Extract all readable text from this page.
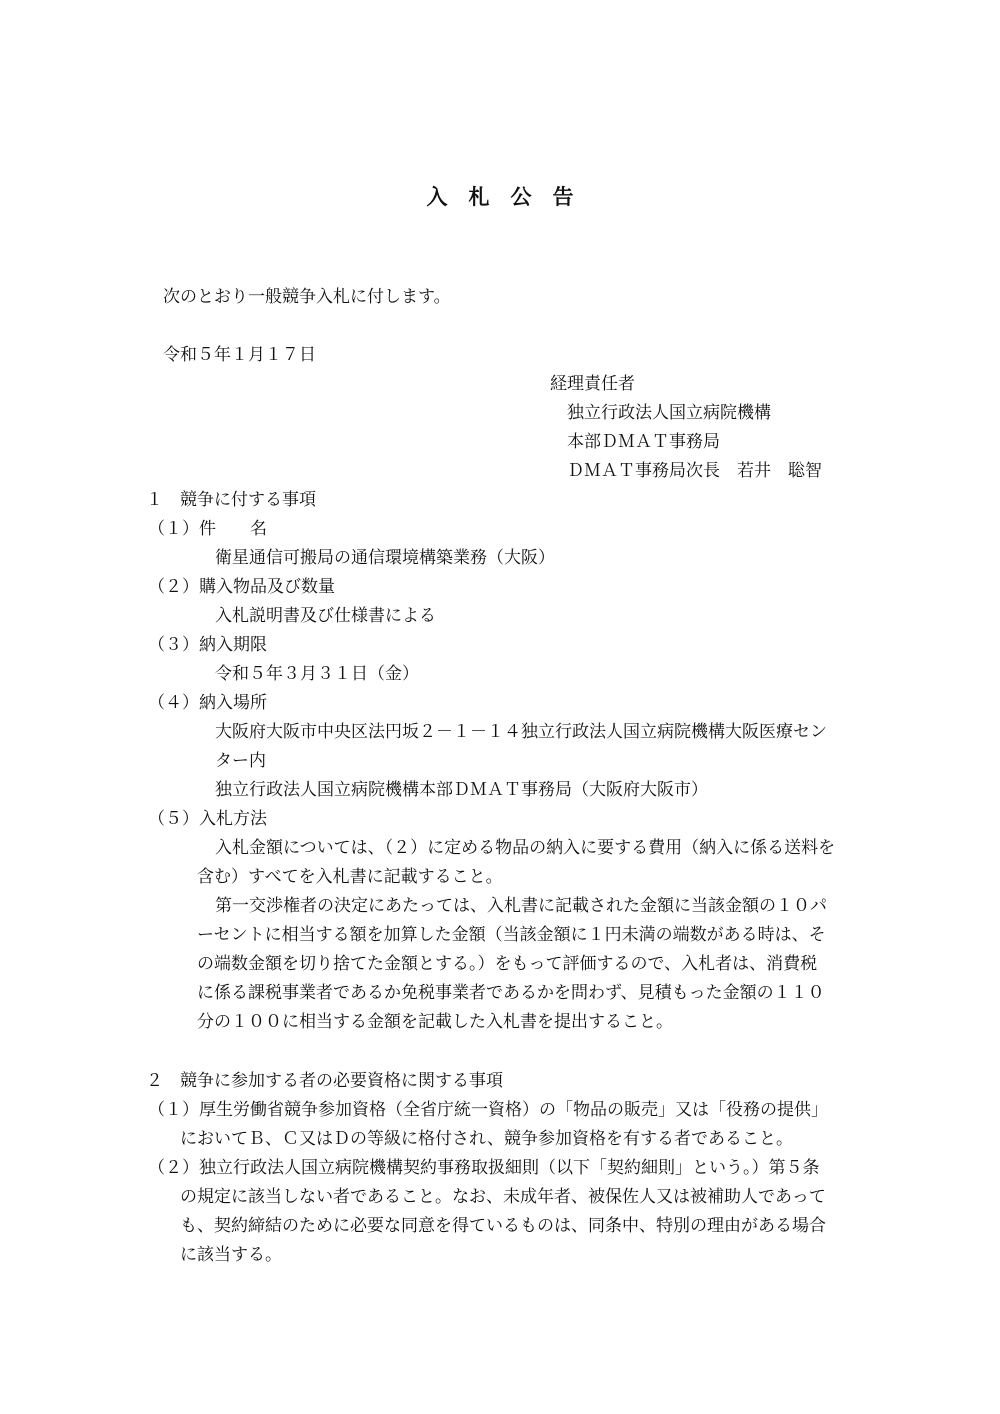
入　札　公　告

次のとおり一般競争入札に付します。

令和５年１月１７日

経理責任者

独立行政法人国立病院機構

本部ＤＭＡＴ事務局

ＤＭＡＴ事務局次長　若井　聡智

１　競争に付する事項

（１）件　　名

衛星通信可搬局の通信環境構築業務（大阪）

（２）購入物品及び数量

入札説明書及び仕様書による

（３）納入期限

令和５年３月３１日（金）

（４）納入場所

大阪府大阪市中央区法円坂２－１－１４独立行政法人国立病院機構大阪医療セン

ター内

独立行政法人国立病院機構本部ＤＭＡＴ事務局（大阪府大阪市）

（５）入札方法

入札金額については、（２）に定める物品の納入に要する費用（納入に係る送料を

含む）すべてを入札書に記載すること。

第一交渉権者の決定にあたっては、入札書に記載された金額に当該金額の１０パ

ーセントに相当する額を加算した金額（当該金額に１円未満の端数がある時は、そ

の端数金額を切り捨てた金額とする。）をもって評価するので、入札者は、消費税

に係る課税事業者であるか免税事業者であるかを問わず、見積もった金額の１１０

分の１００に相当する金額を記載した入札書を提出すること。

２　競争に参加する者の必要資格に関する事項

（１）厚生労働省競争参加資格（全省庁統一資格）の「物品の販売」又は「役務の提供」

においてＢ、Ｃ又はＤの等級に格付され、競争参加資格を有する者であること。

（２）独立行政法人国立病院機構契約事務取扱細則（以下「契約細則」という。）第５条

の規定に該当しない者であること。なお、未成年者、被保佐人又は被補助人であって

も、契約締結のために必要な同意を得ているものは、同条中、特別の理由がある場合

に該当する。
